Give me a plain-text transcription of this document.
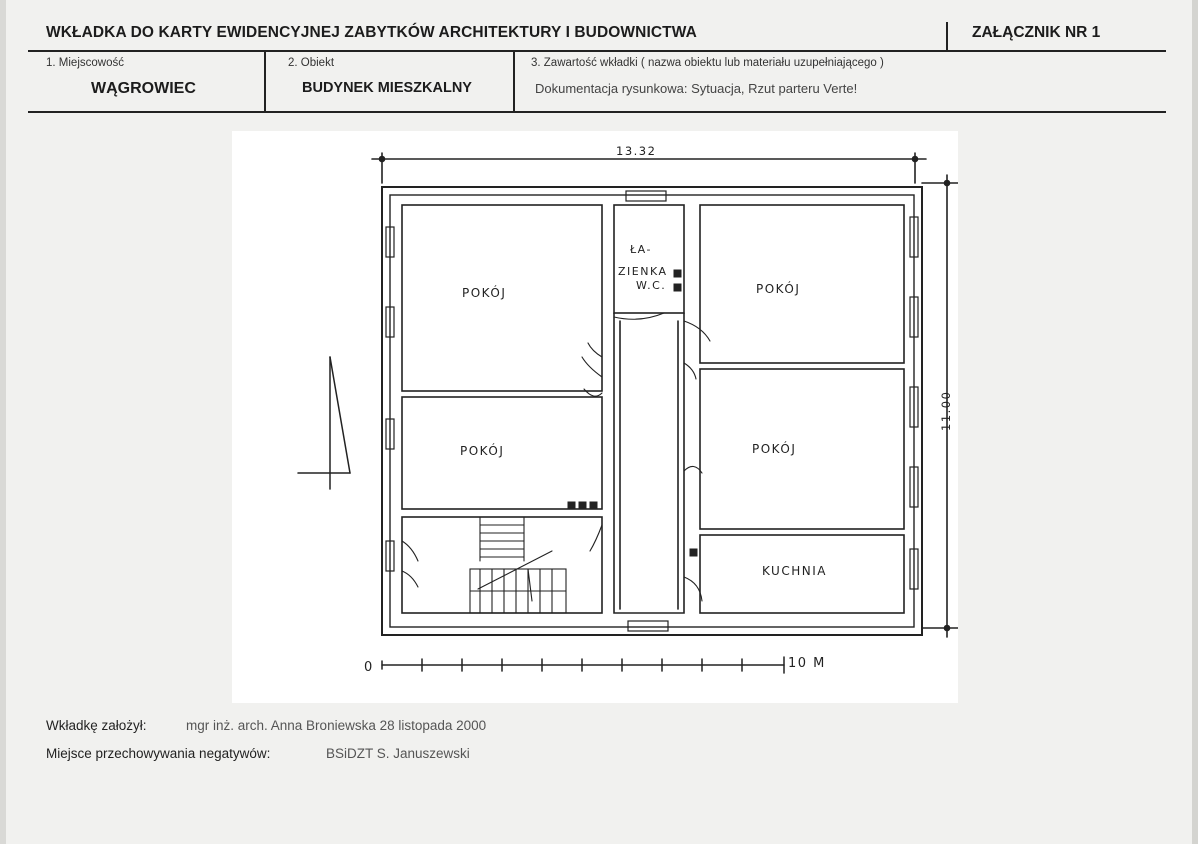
WKŁADKA DO KARTY EWIDENCYJNEJ ZABYTKÓW ARCHITEKTURY I BUDOWNICTWA	ZAŁĄCZNIK NR 1
1. Miejscowość
WĄGROWIEC
2. Obiekt
BUDYNEK MIESZKALNY
3. Zawartość wkładki ( nazwa obiektu lub materiału uzupełniającego )
Dokumentacja rysunkowa: Sytuacja, Rzut parteru Verte!
13.32
11.00
POKÓJ
POKÓJ
POKÓJ
POKÓJ
KUCHNIA
ŁA-
ZIENKA
W.C.
0	10 M
Wkładkę założył:	mgr inż. arch. Anna Broniewska 28 listopada 2000
Miejsce przechowywania negatywów:	BSiDZT S. Januszewski
